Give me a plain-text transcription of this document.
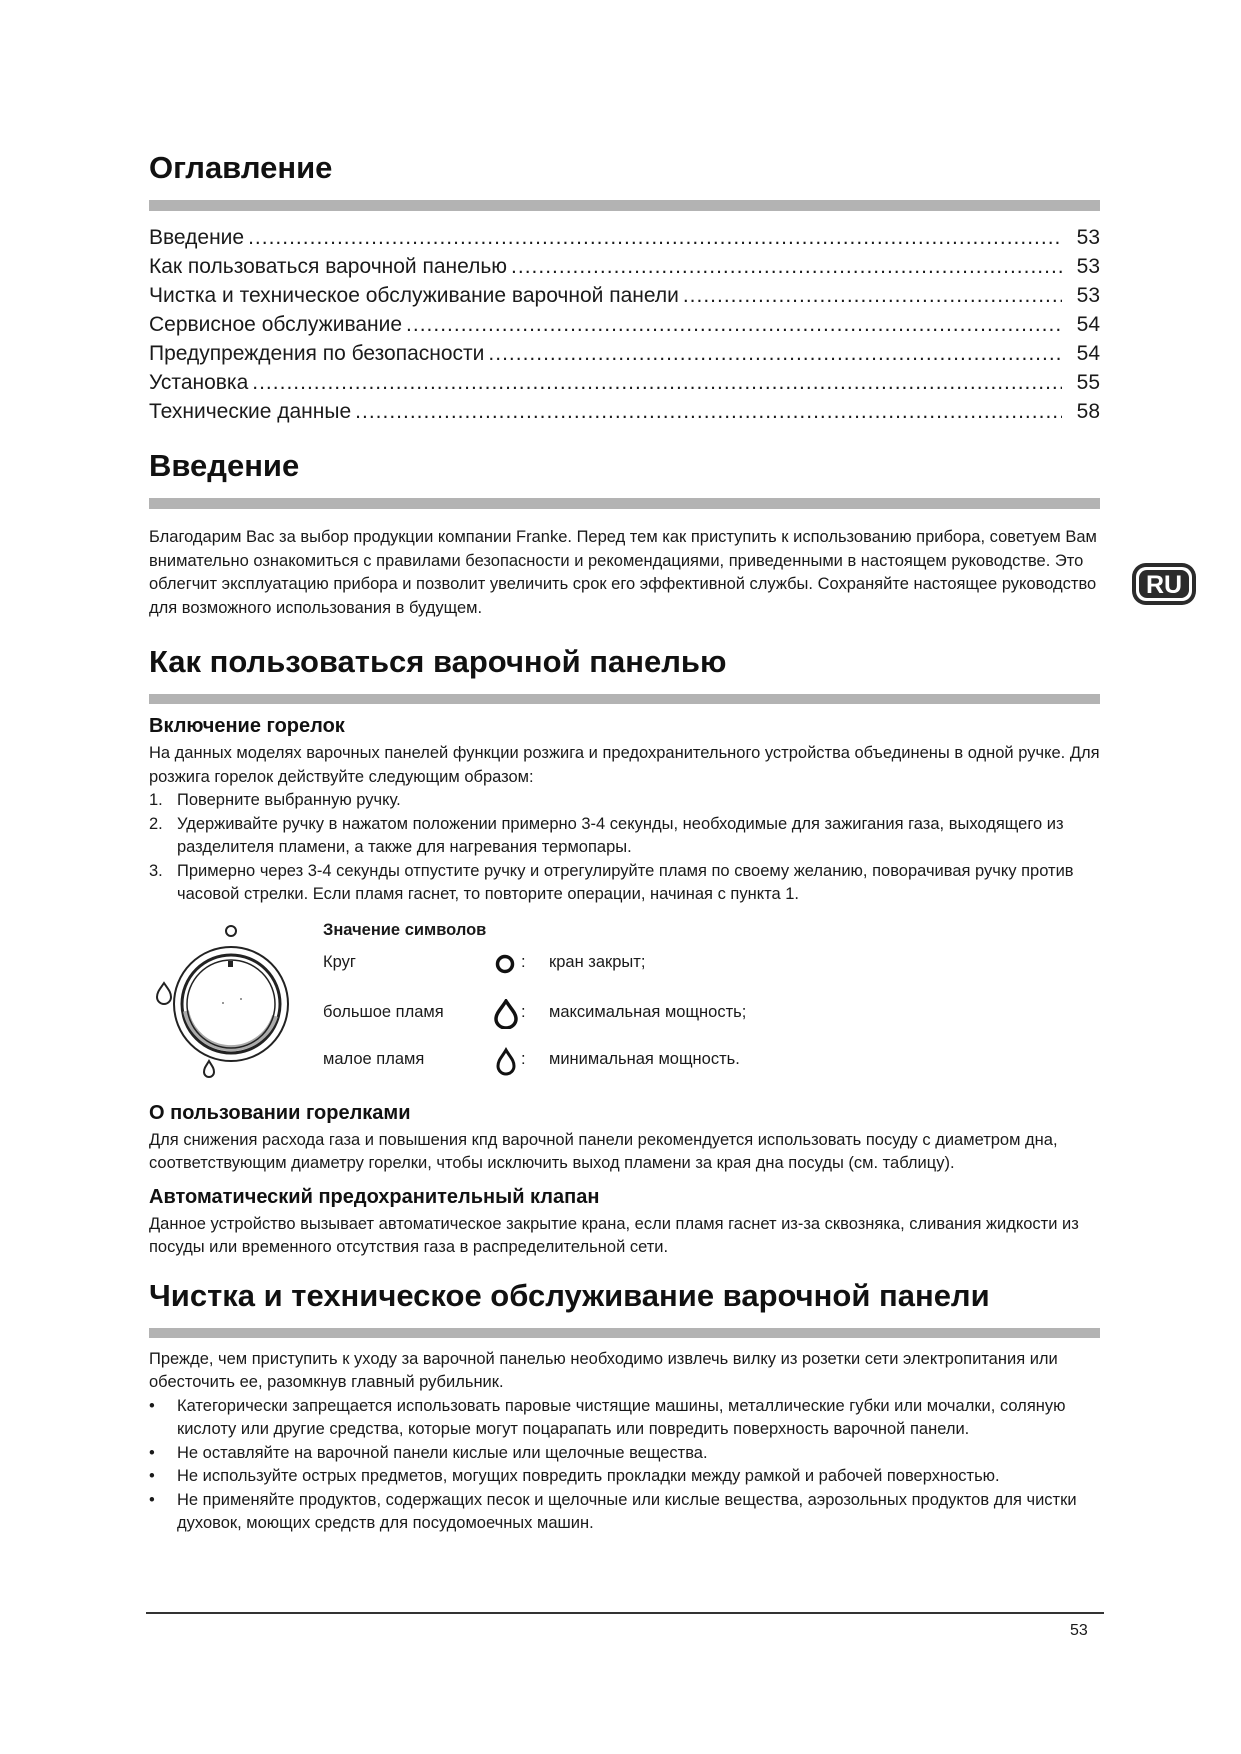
Оглавление
Введение .....	53
Как пользоваться варочной панелью .....	53
Чистка и техническое обслуживание варочной панели .....	53
Сервисное обслуживание .....	54
Предупреждения по безопасности .....	54
Установка .....	55
Технические данные .....	58
Введение

Благодарим Вас за выбор продукции компании Franke. Перед тем как приступить к использованию прибора, советуем Вам внимательно ознакомиться с правилами безопасности и рекомендациями, приведенными в настоящем руководстве. Это облегчит эксплуатацию прибора и позволит увеличить срок его эффективной службы. Сохраняйте настоящее руководство для возможного использования в будущем.

Как пользоваться варочной панелью
Включение горелок

На данных моделях варочных панелей функции розжига и предохранительного устройства объединены в одной ручке. Для розжига горелок действуйте следующим образом:

1. Поверните выбранную ручку.
2. Удерживайте ручку в нажатом положении примерно 3-4 секунды, необходимые для зажигания газа, выходящего из разделителя пламени, а также для нагревания термопары.
3. Примерно через 3-4 секунды отпустите ручку и отрегулируйте пламя по своему желанию, поворачивая ручку против часовой стрелки. Если пламя гаснет, то повторите операции, начиная с пункта 1.
Значение символов
Круг	: кран закрыт;
большое пламя	: максимальная мощность;
малое пламя	: минимальная мощность.
О пользовании горелками

Для снижения расхода газа и повышения кпд варочной панели рекомендуется использовать посуду с диаметром дна, соответствующим диаметру горелки, чтобы исключить выход пламени за края дна посуды (см. таблицу).

Автоматический предохранительный клапан

Данное устройство вызывает автоматическое закрытие крана, если пламя гаснет из-за сквозняка, сливания жидкости из посуды или временного отсутствия газа в распределительной сети.

Чистка и техническое обслуживание варочной панели

Прежде, чем приступить к уходу за варочной панелью необходимо извлечь вилку из розетки сети электропитания или обесточить ее, разомкнув главный рубильник.

• Категорически запрещается использовать паровые чистящие машины, металлические губки или мочалки, соляную кислоту или другие средства, которые могут поцарапать или повредить поверхность варочной панели.
• Не оставляйте на варочной панели кислые или щелочные вещества.
• Не используйте острых предметов, могущих повредить прокладки между рамкой и рабочей поверхностью.
• Не применяйте продуктов, содержащих песок и щелочные или кислые вещества, аэрозольных продуктов для чистки духовок, моющих средств для посудомоечных машин.
RU
53
